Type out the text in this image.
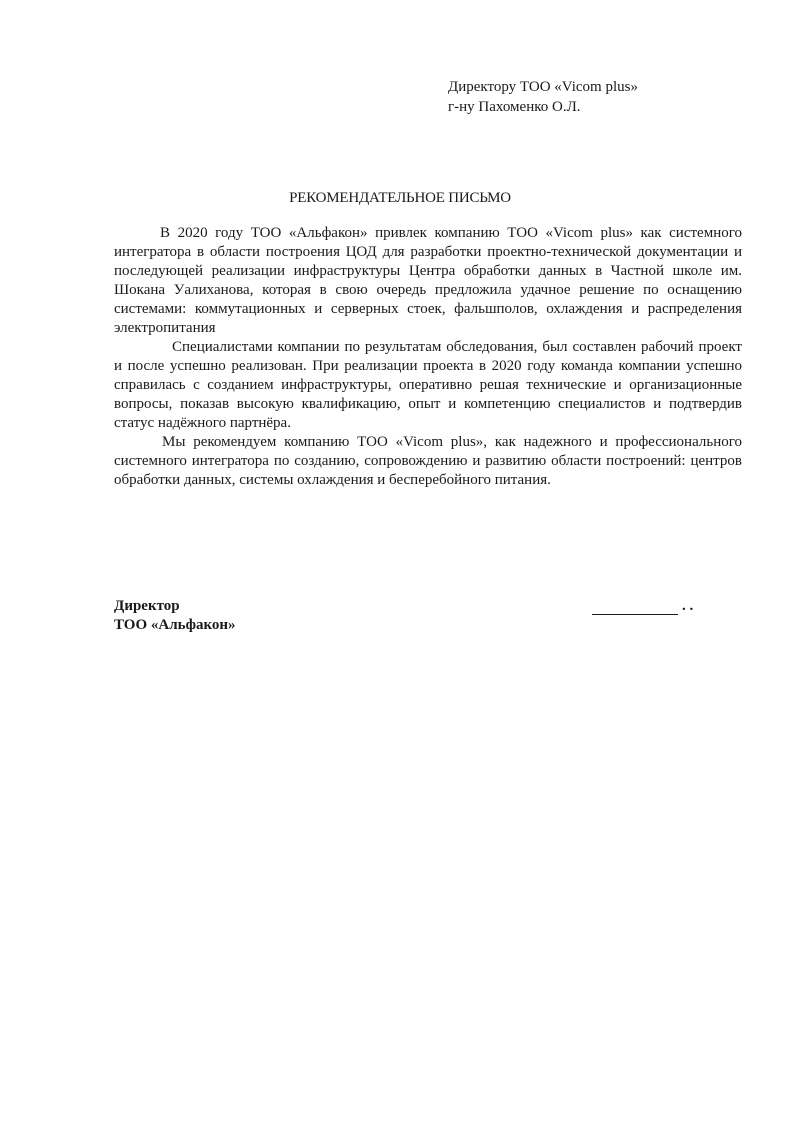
Директору ТОО «Vicom plus»
г-ну Пахоменко О.Л.
РЕКОМЕНДАТЕЛЬНОЕ ПИСЬМО

В 2020 году ТОО «Альфакон» привлек компанию ТОО «Vicom plus» как системного интегратора в области построения ЦОД для разработки проектно-технической документации и последующей реализации инфраструктуры Центра обработки данных в Частной школе им. Шокана Уалиханова, которая в свою очередь предложила удачное решение по оснащению системами: коммутационных и серверных стоек, фальшполов, охлаждения и распределения электропитания

Специалистами компании по результатам обследования, был составлен рабочий проект и после успешно реализован. При реализации проекта в 2020 году команда компании успешно справилась с созданием инфраструктуры, оперативно решая технические и организационные вопросы, показав высокую квалификацию, опыт и компетенцию специалистов и подтвердив статус надёжного партнёра.

Мы рекомендуем компанию ТОО «Vicom plus», как надежного и профессионального системного интегратора по созданию, сопровождению и развитию области построений: центров обработки данных, системы охлаждения и бесперебойного питания.

Директор
ТОО «Альфакон»
. .
